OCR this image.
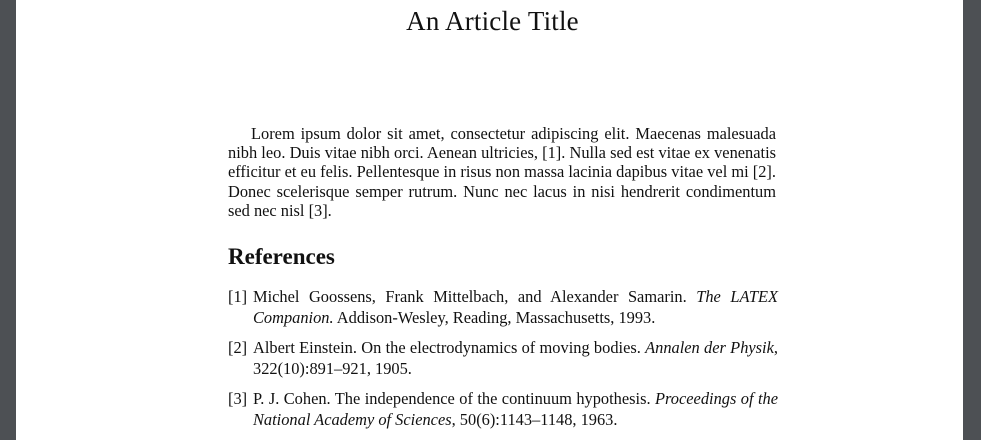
An Article Title

Lorem ipsum dolor sit amet, consectetur adipiscing elit. Maecenas malesuada nibh leo. Duis vitae nibh orci. Aenean ultricies, [1]. Nulla sed est vitae ex venenatis efficitur et eu felis. Pellentesque in risus non massa lacinia dapibus vitae vel mi [2]. Donec scelerisque semper rutrum. Nunc nec lacus in nisi hendrerit condimentum sed nec nisl [3].

References
[1] Michel Goossens, Frank Mittelbach, and Alexander Samarin. The LATEX Companion. Addison-Wesley, Reading, Massachusetts, 1993.
[2] Albert Einstein. On the electrodynamics of moving bodies. Annalen der Physik, 322(10):891–921, 1905.
[3] P. J. Cohen. The independence of the continuum hypothesis. Proceedings of the National Academy of Sciences, 50(6):1143–1148, 1963.
